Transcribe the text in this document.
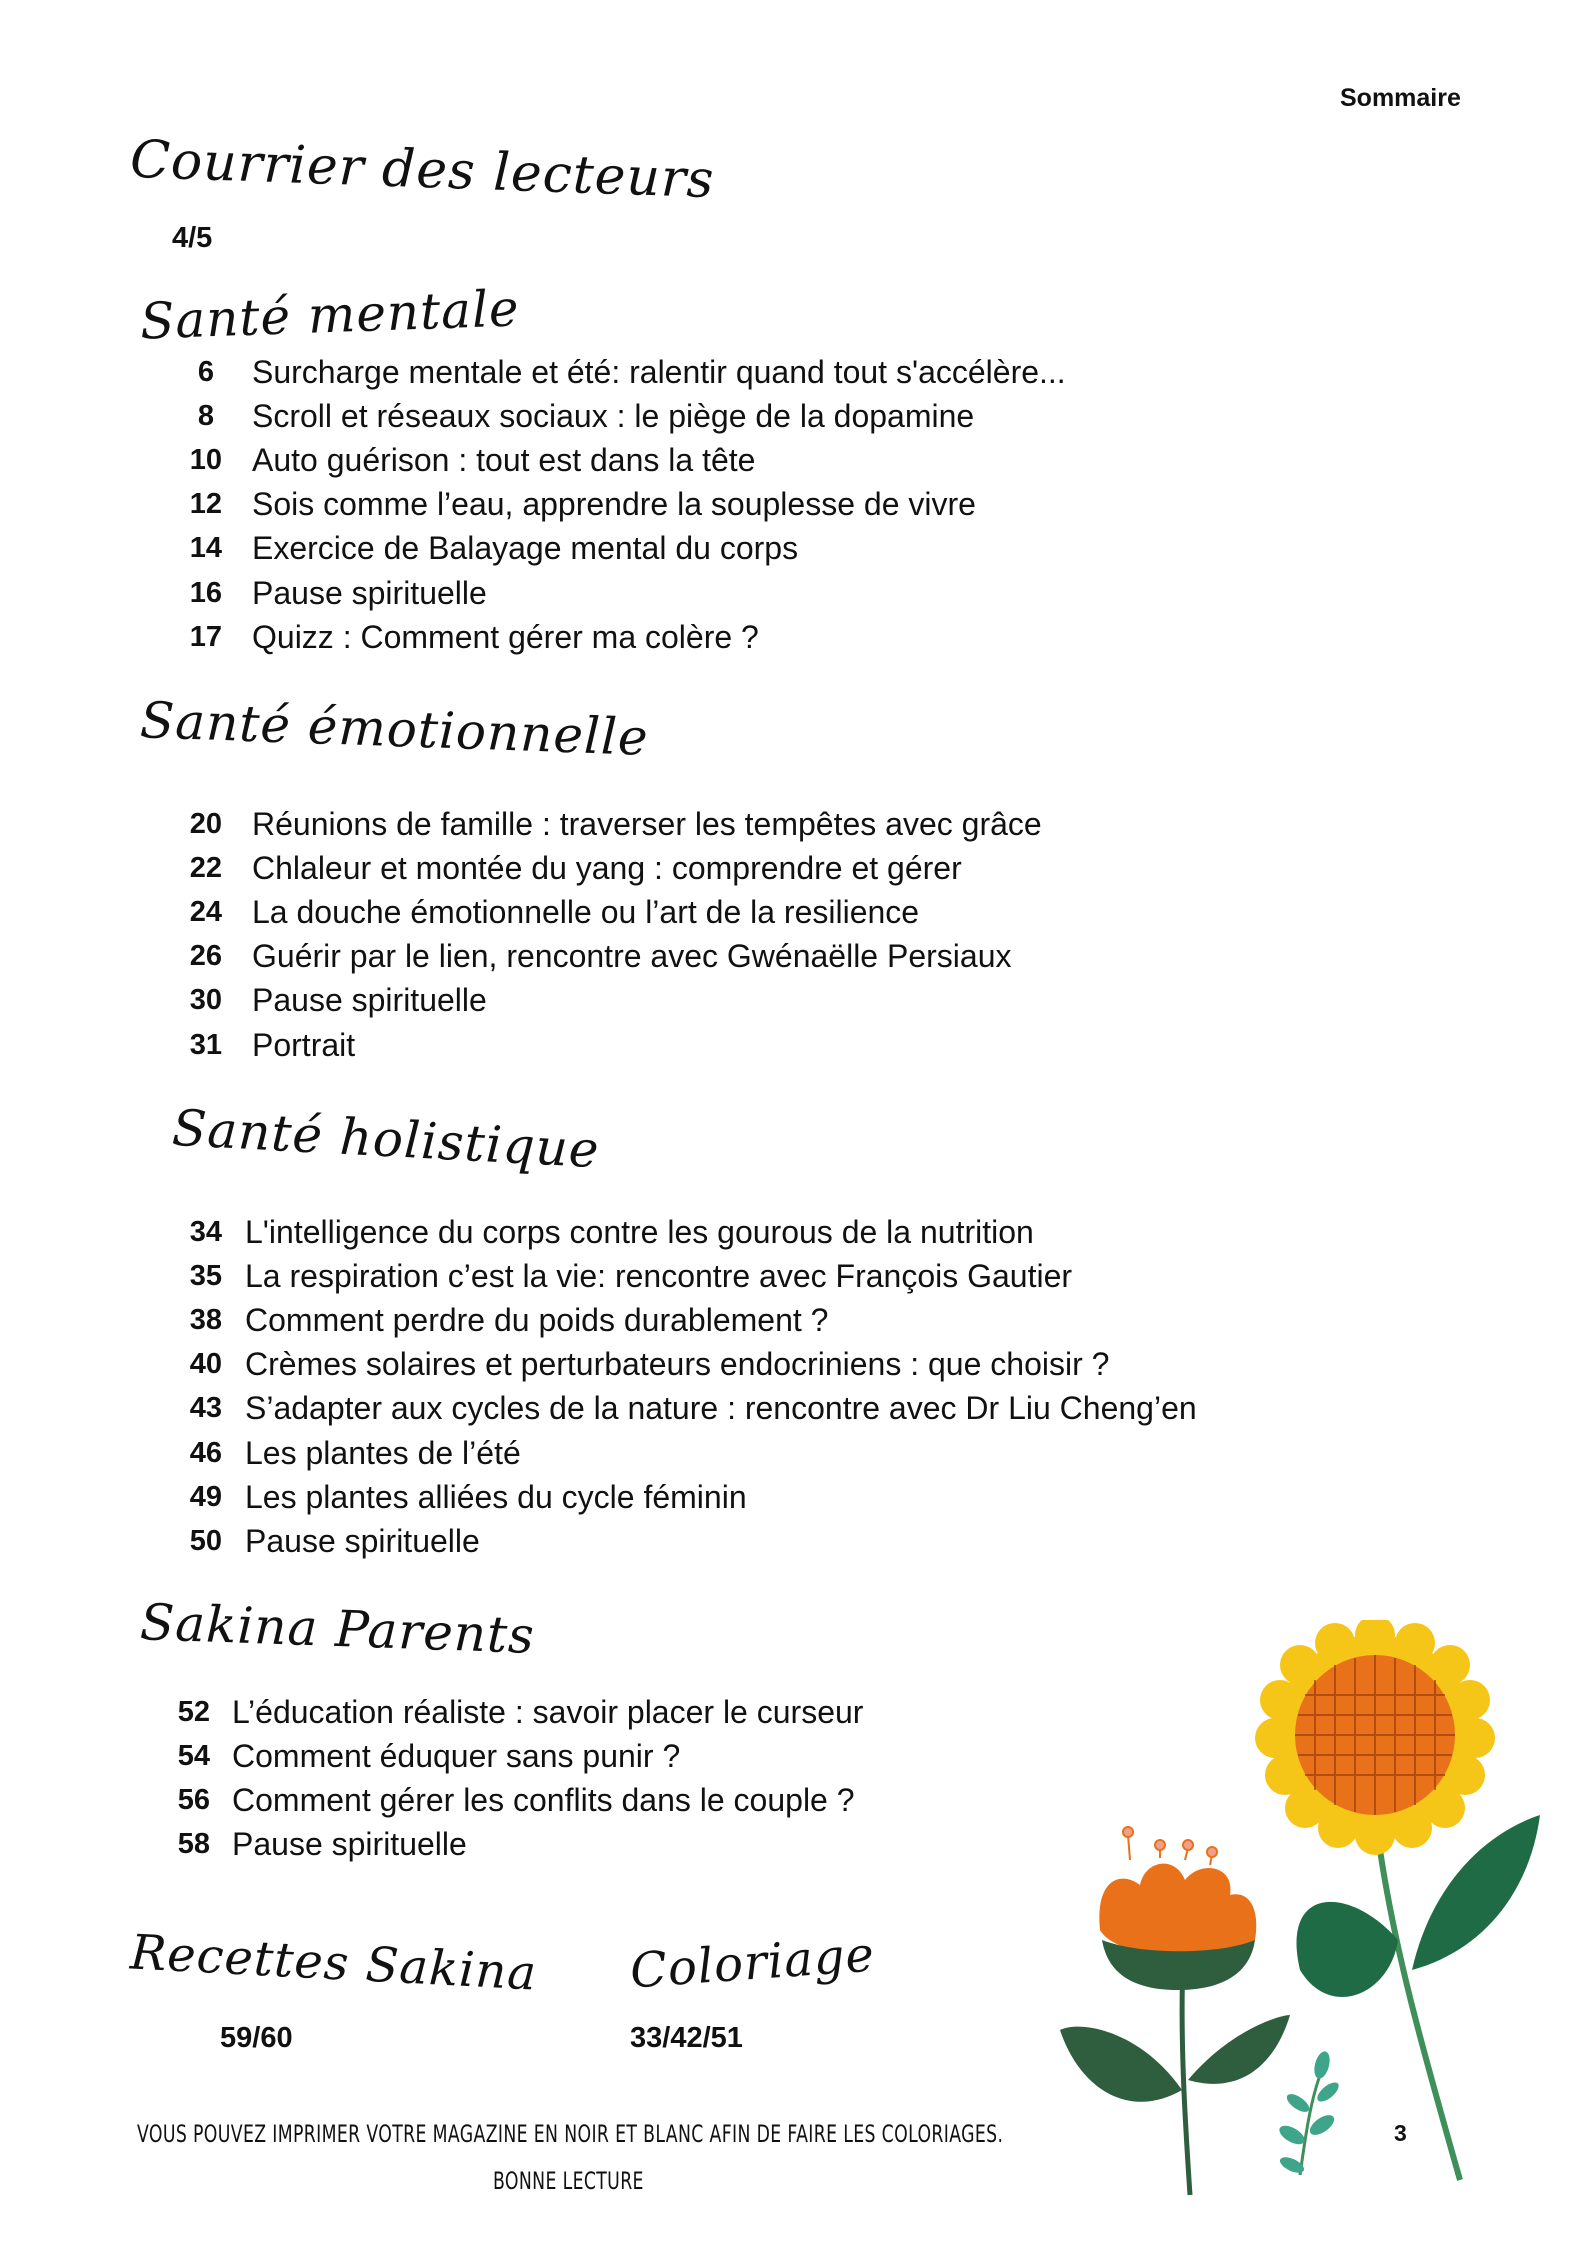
Sommaire
Courrier des lecteurs
4/5
Santé mentale
6 Surcharge mentale et été: ralentir quand tout s'accélère...
8 Scroll et réseaux sociaux : le piège de la dopamine
10 Auto guérison : tout est dans la tête
12 Sois comme l’eau, apprendre la souplesse de vivre
14 Exercice de Balayage mental du corps
16 Pause spirituelle
17 Quizz : Comment gérer ma colère ?
Santé émotionnelle
20 Réunions de famille : traverser les tempêtes avec grâce
22 Chlaleur et montée du yang : comprendre et gérer
24 La douche émotionnelle ou l’art de la resilience
26 Guérir par le lien, rencontre avec Gwénaëlle Persiaux
30 Pause spirituelle
31 Portrait
Santé holistique
34 L'intelligence du corps contre les gourous de la nutrition
35 La respiration c’est la vie: rencontre avec François Gautier
38 Comment perdre du poids durablement ?
40 Crèmes solaires et perturbateurs endocriniens : que choisir ?
43 S’adapter aux cycles de la nature : rencontre avec Dr Liu Cheng’en
46 Les plantes de l’été
49 Les plantes alliées du cycle féminin
50 Pause spirituelle
Sakina Parents
52 L’éducation réaliste : savoir placer le curseur
54 Comment éduquer sans punir ?
56 Comment gérer les conflits dans le couple ?
58 Pause spirituelle
Recettes Sakina
59/60
Coloriage
33/42/51
VOUS POUVEZ IMPRIMER VOTRE MAGAZINE EN NOIR ET BLANC AFIN DE FAIRE LES COLORIAGES.
BONNE LECTURE
3
